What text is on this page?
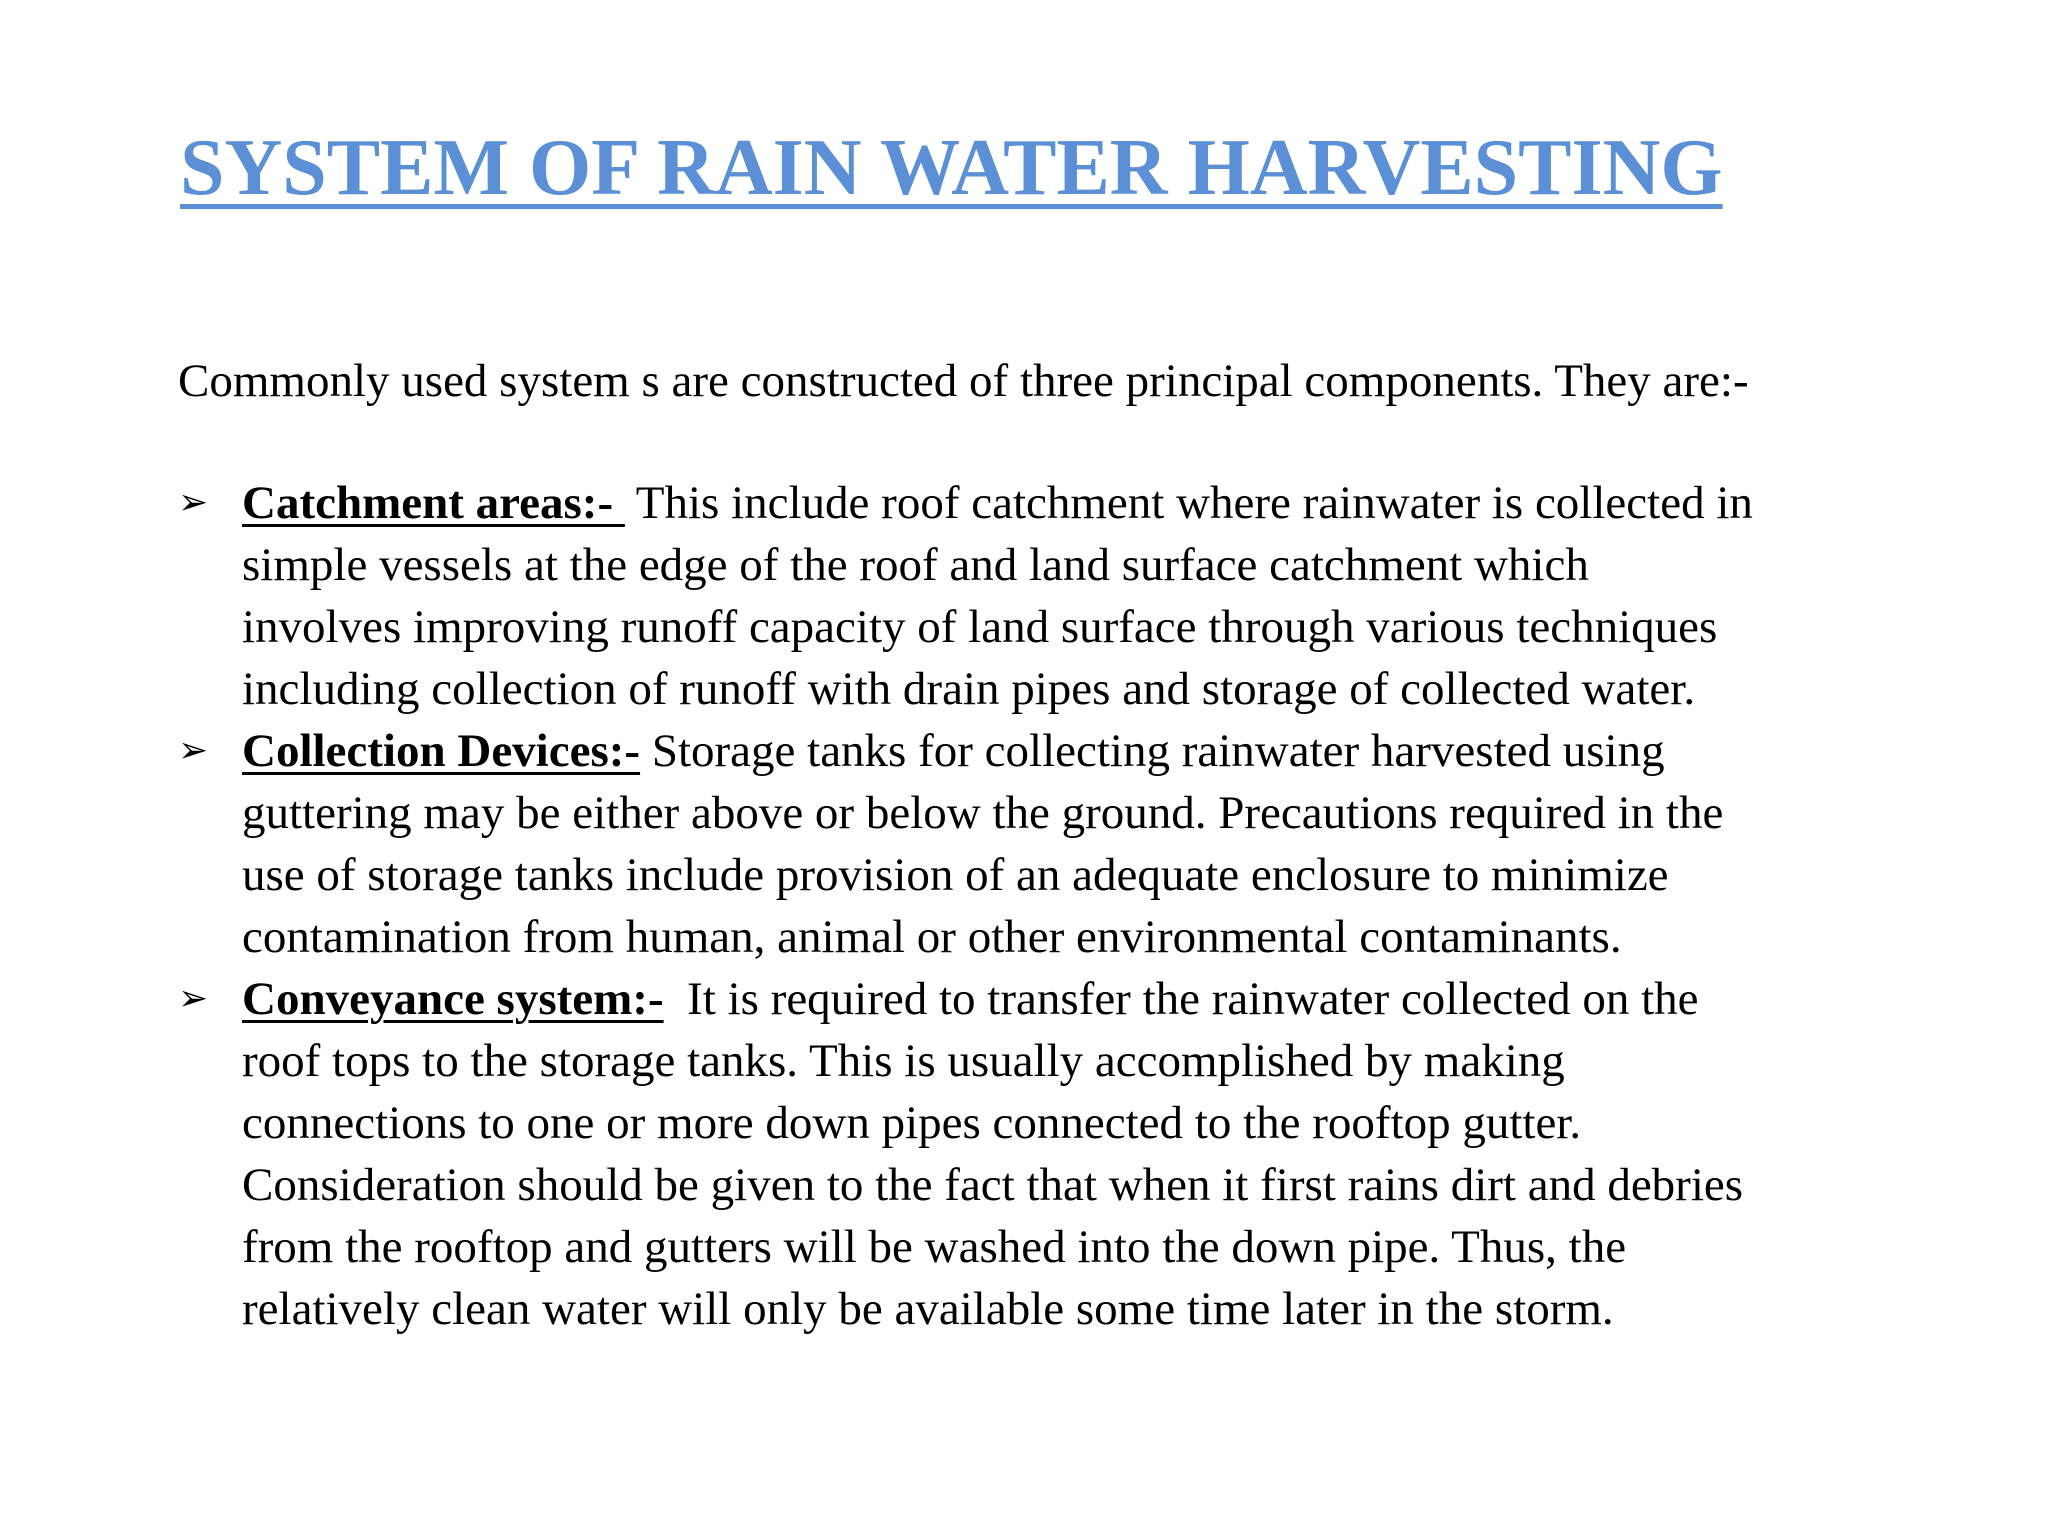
SYSTEM OF RAIN WATER HARVESTING

Commonly used system s are constructed of three principal components. They are:-

➢ Catchment areas:-  This include roof catchment where rainwater is collected in
simple vessels at the edge of the roof and land surface catchment which
involves improving runoff capacity of land surface through various techniques
including collection of runoff with drain pipes and storage of collected water.
➢ Collection Devices:- Storage tanks for collecting rainwater harvested using
guttering may be either above or below the ground. Precautions required in the
use of storage tanks include provision of an adequate enclosure to minimize
contamination from human, animal or other environmental contaminants.
➢ Conveyance system:-  It is required to transfer the rainwater collected on the
roof tops to the storage tanks. This is usually accomplished by making
connections to one or more down pipes connected to the rooftop gutter.
Consideration should be given to the fact that when it first rains dirt and debries
from the rooftop and gutters will be washed into the down pipe. Thus, the
relatively clean water will only be available some time later in the storm.
